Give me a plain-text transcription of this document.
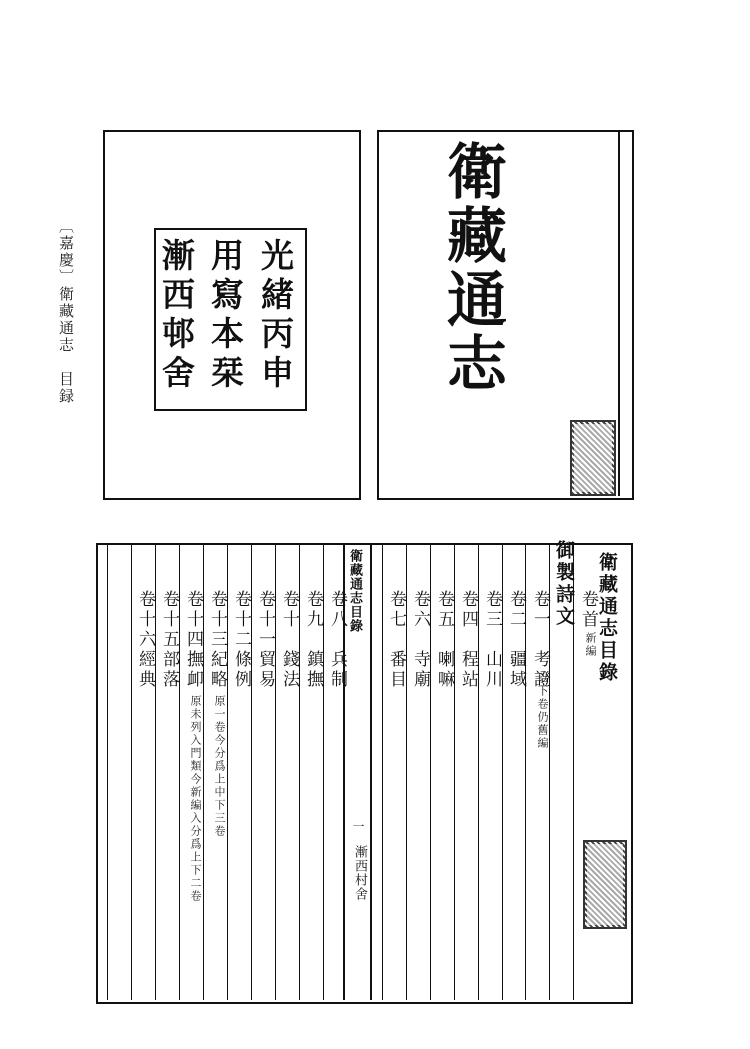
〔嘉慶〕衛藏通志　目録	光緒丙申
用寫本栞
漸西邨舍	衛藏通志
衛藏通志目錄
一
漸西村舍
衛藏通志目錄
御製詩文 卷首
新編
卷一　考證
以下卷仍舊編
卷二　疆域
卷三　山川
卷四　程站
卷五　喇嘛
卷六　寺廟
卷七　番目
卷八　兵制
卷九　鎮撫
卷十　錢法
卷十一貿易
卷十二條例
卷十三紀略
原一卷今分爲上中下三卷
卷十四撫卹
原未列入門類今新編入分爲上下二卷
卷十五部落
卷十六經典
